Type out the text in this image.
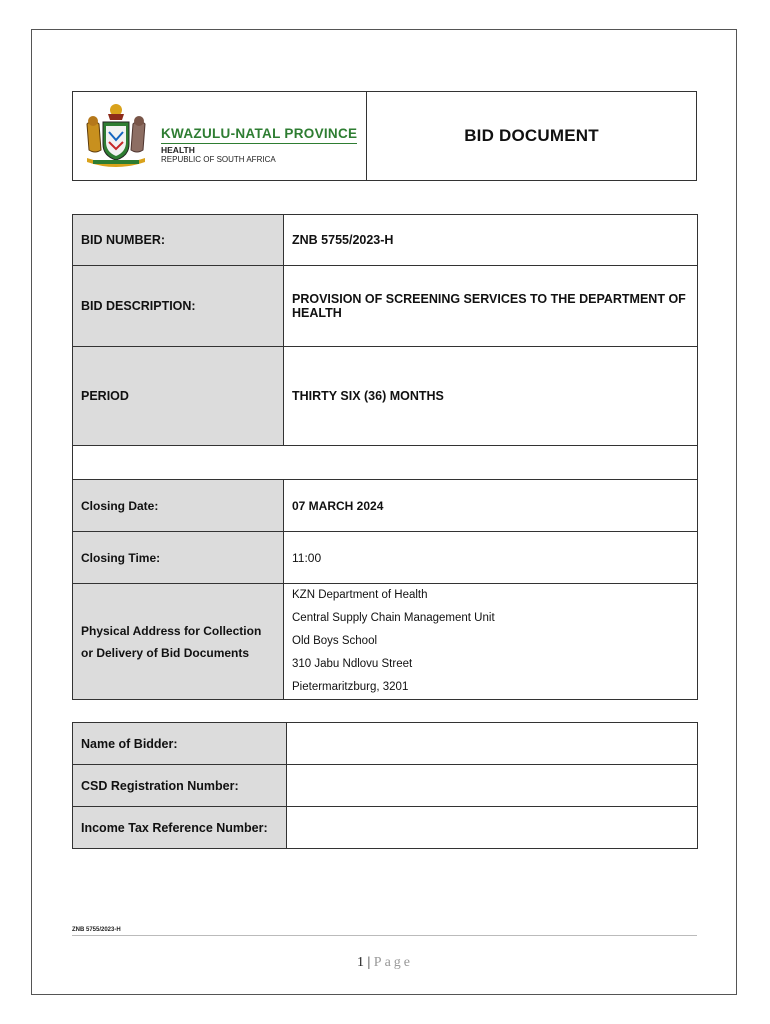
KWAZULU-NATAL PROVINCE
HEALTH
REPUBLIC OF SOUTH AFRICA
BID DOCUMENT
BID NUMBER:	ZNB 5755/2023-H
BID DESCRIPTION:	PROVISION OF SCREENING SERVICES TO THE DEPARTMENT OF HEALTH
PERIOD	THIRTY SIX (36) MONTHS

Closing Date:	07 MARCH 2024
Closing Time:	11:00
Physical Address for Collection or Delivery of Bid Documents	KZN Department of Health
Central Supply Chain Management Unit
Old Boys School
310 Jabu Ndlovu Street
Pietermaritzburg, 3201
Name of Bidder:	
CSD Registration Number:	
Income Tax Reference Number:	
ZNB 5755/2023-H
1 | Page
